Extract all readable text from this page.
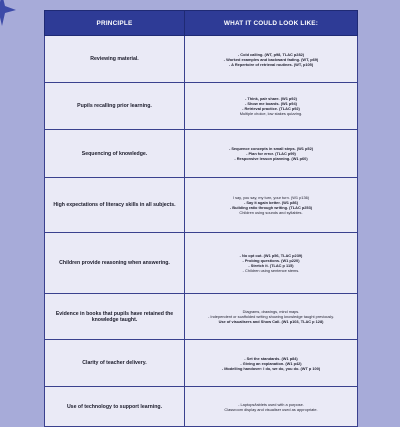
PRINCIPLE	WHAT IT COULD LOOK LIKE:
Reviewing material.	- Cold calling. (WT, p98, TLAC p282)
- Worked examples and backward fading. (WT, p69)
- A Repertoire of retrieval routines. (WT, p105)

Pupils recalling prior learning.	- Think, pair share. (W1 p92)
- Show me boards. (W1 p94)
- Retrieval practice. (TLAC p92)
Multiple choice, low stakes quizzing.

Sequencing of knowledge.	- Sequence concepts in small steps. (W1 p52)
- Plan for error. (TLAC p99)
- Responsive lesson planning. (W1 p60)

High expectations of literacy skills in all subjects.	I say, you say, my turn, your turn. (W1 p136)
- Say it again better. (W1 p86)
- Building ratio through writing. (TLAC p253)
Children using sounds and syllables.

Children provide reasoning when answering.	- No opt out. (W1 p56, TLAC p239)
- Probing questions. (W1 p220)
- Stretch it. (TLAC p 115)
- Children using sentence stems.

Evidence in books that pupils have retained the knowledge taught.	Diagrams, drawings, mind maps.
- Independent or scaffolded writing showing knowledge taught previously.
Use of visualisers and Show Call. (W1 p103, TLAC p 128)

Clarity of teacher delivery.	- Set the standards. (W1 p84)
- Giving an explanation. (W1 p42)
- Modelling handover: I do, we do, you do. (WT p 100)

Use of technology to support learning.	- Laptops/tablets used with a purpose.
Classroom display and visualiser used as appropriate.
